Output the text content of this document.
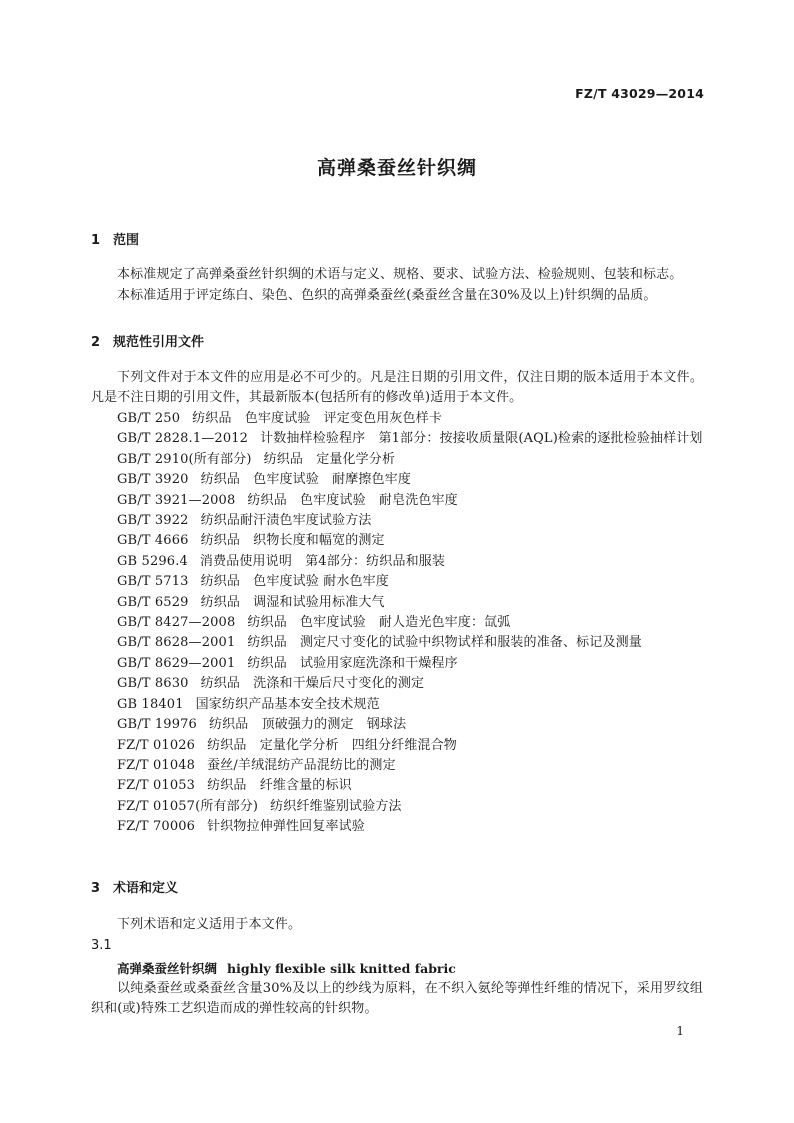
FZ/T 43029—2014
高弹桑蚕丝针织绸
1 范围
本标准规定了高弹桑蚕丝针织绸的术语与定义、规格、要求、试验方法、检验规则、包装和标志。
本标准适用于评定练白、染色、色织的高弹桑蚕丝(桑蚕丝含量在30%及以上)针织绸的品质。
2 规范性引用文件
下列文件对于本文件的应用是必不可少的。凡是注日期的引用文件，仅注日期的版本适用于本文件。凡是不注日期的引用文件，其最新版本(包括所有的修改单)适用于本文件。
GB/T 250 纺织品　色牢度试验　评定变色用灰色样卡
GB/T 2828.1—2012 计数抽样检验程序　第1部分：按接收质量限(AQL)检索的逐批检验抽样计划
GB/T 2910(所有部分) 纺织品　定量化学分析
GB/T 3920 纺织品　色牢度试验　耐摩擦色牢度
GB/T 3921—2008 纺织品　色牢度试验　耐皂洗色牢度
GB/T 3922 纺织品耐汗渍色牢度试验方法
GB/T 4666 纺织品　织物长度和幅宽的测定
GB 5296.4 消费品使用说明　第4部分：纺织品和服装
GB/T 5713 纺织品　色牢度试验 耐水色牢度
GB/T 6529 纺织品　调湿和试验用标准大气
GB/T 8427—2008 纺织品　色牢度试验　耐人造光色牢度：氙弧
GB/T 8628—2001 纺织品　测定尺寸变化的试验中织物试样和服装的准备、标记及测量
GB/T 8629—2001 纺织品　试验用家庭洗涤和干燥程序
GB/T 8630 纺织品　洗涤和干燥后尺寸变化的测定
GB 18401 国家纺织产品基本安全技术规范
GB/T 19976 纺织品　顶破强力的测定　钢球法
FZ/T 01026 纺织品　定量化学分析　四组分纤维混合物
FZ/T 01048 蚕丝/羊绒混纺产品混纺比的测定
FZ/T 01053 纺织品　纤维含量的标识
FZ/T 01057(所有部分) 纺织纤维鉴别试验方法
FZ/T 70006 针织物拉伸弹性回复率试验
3 术语和定义
下列术语和定义适用于本文件。
3.1
高弹桑蚕丝针织绸 highly flexible silk knitted fabric
以纯桑蚕丝或桑蚕丝含量30%及以上的纱线为原料，在不织入氨纶等弹性纤维的情况下，采用罗纹组织和(或)特殊工艺织造而成的弹性较高的针织物。
1
